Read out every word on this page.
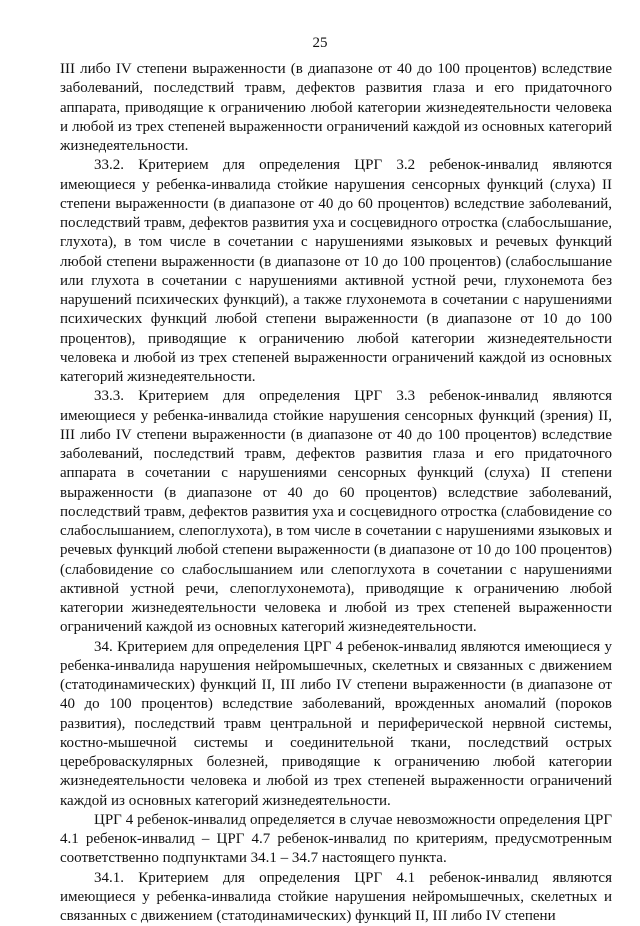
25

III либо IV степени выраженности (в диапазоне от 40 до 100 процентов) вследствие заболеваний, последствий травм, дефектов развития глаза и его придаточного аппарата, приводящие к ограничению любой категории жизнедеятельности человека и любой из трех степеней выраженности ограничений каждой из основных категорий жизнедеятельности.

33.2. Критерием для определения ЦРГ 3.2 ребенок-инвалид являются имеющиеся у ребенка-инвалида стойкие нарушения сенсорных функций (слуха) II степени выраженности (в диапазоне от 40 до 60 процентов) вследствие заболеваний, последствий травм, дефектов развития уха и сосцевидного отростка (слабослышание, глухота), в том числе в сочетании с нарушениями языковых и речевых функций любой степени выраженности (в диапазоне от 10 до 100 процентов) (слабослышание или глухота в сочетании с нарушениями активной устной речи, глухонемота без нарушений психических функций), а также глухонемота в сочетании с нарушениями психических функций любой степени выраженности (в диапазоне от 10 до 100 процентов), приводящие к ограничению любой категории жизнедеятельности человека и любой из трех степеней выраженности ограничений каждой из основных категорий жизнедеятельности.

33.3. Критерием для определения ЦРГ 3.3 ребенок-инвалид являются имеющиеся у ребенка-инвалида стойкие нарушения сенсорных функций (зрения) II, III либо IV степени выраженности (в диапазоне от 40 до 100 процентов) вследствие заболеваний, последствий травм, дефектов развития глаза и его придаточного аппарата в сочетании с нарушениями сенсорных функций (слуха) II степени выраженности (в диапазоне от 40 до 60 процентов) вследствие заболеваний, последствий травм, дефектов развития уха и сосцевидного отростка (слабовидение со слабослышанием, слепоглухота), в том числе в сочетании с нарушениями языковых и речевых функций любой степени выраженности (в диапазоне от 10 до 100 процентов) (слабовидение со слабослышанием или слепоглухота в сочетании с нарушениями активной устной речи, слепоглухонемота), приводящие к ограничению любой категории жизнедеятельности человека и любой из трех степеней выраженности ограничений каждой из основных категорий жизнедеятельности.

34. Критерием для определения ЦРГ 4 ребенок-инвалид являются имеющиеся у ребенка-инвалида нарушения нейромышечных, скелетных и связанных с движением (статодинамических) функций II, III либо IV степени выраженности (в диапазоне от 40 до 100 процентов) вследствие заболеваний, врожденных аномалий (пороков развития), последствий травм центральной и периферической нервной системы, костно-мышечной системы и соединительной ткани, последствий острых цереброваскулярных болезней, приводящие к ограничению любой категории жизнедеятельности человека и любой из трех степеней выраженности ограничений каждой из основных категорий жизнедеятельности.

ЦРГ 4 ребенок-инвалид определяется в случае невозможности определения ЦРГ 4.1 ребенок-инвалид – ЦРГ 4.7 ребенок-инвалид по критериям, предусмотренным соответственно подпунктами 34.1 – 34.7 настоящего пункта.

34.1. Критерием для определения ЦРГ 4.1 ребенок-инвалид являются имеющиеся у ребенка-инвалида стойкие нарушения нейромышечных, скелетных и связанных с движением (статодинамических) функций II, III либо IV степени
